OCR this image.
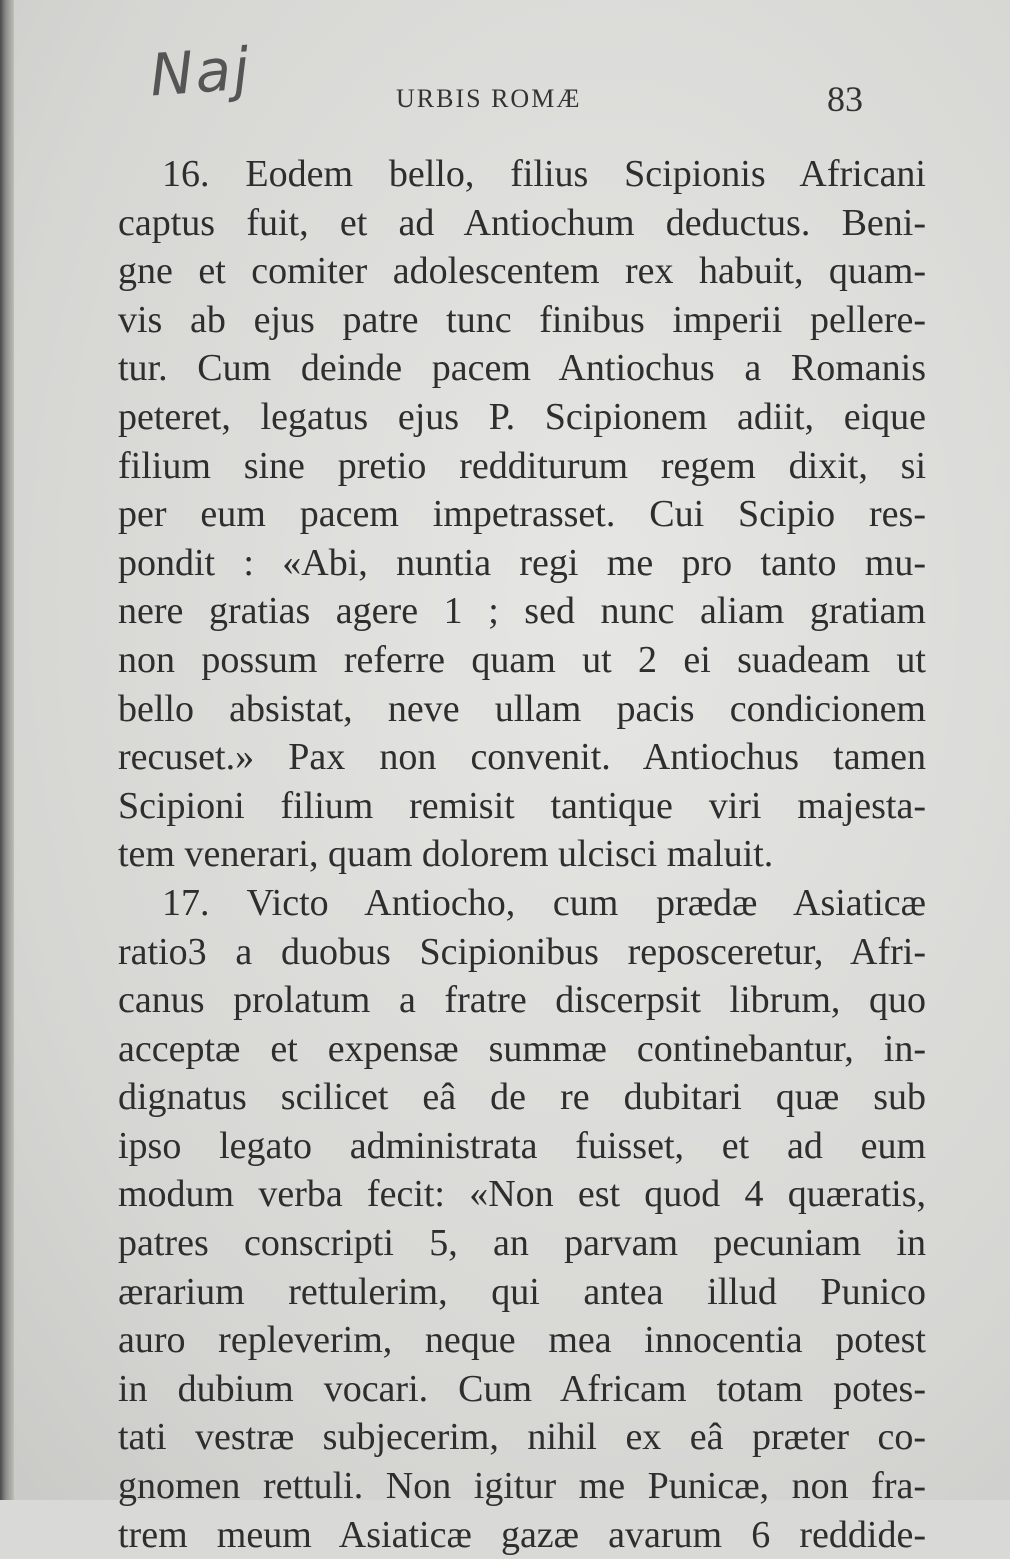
Naj	URBIS ROMÆ	83
16. Eodem bello, filius Scipionis Africani
captus fuit, et ad Antiochum deductus. Beni-
gne et comiter adolescentem rex habuit, quam-
vis ab ejus patre tunc finibus imperii pellere-
tur. Cum deinde pacem Antiochus a Romanis
peteret, legatus ejus P. Scipionem adiit, eique
filium sine pretio redditurum regem dixit, si
per eum pacem impetrasset. Cui Scipio res-
pondit : «Abi, nuntia regi me pro tanto mu-
nere gratias agere 1 ; sed nunc aliam gratiam
non possum referre quam ut 2 ei suadeam ut
bello absistat, neve ullam pacis condicionem
recuset.» Pax non convenit. Antiochus tamen
Scipioni filium remisit tantique viri majesta-
tem venerari, quam dolorem ulcisci maluit.
17. Victo Antiocho, cum prædæ Asiaticæ
ratio3 a duobus Scipionibus reposceretur, Afri-
canus prolatum a fratre discerpsit librum, quo
acceptæ et expensæ summæ continebantur, in-
dignatus scilicet eâ de re dubitari quæ sub
ipso legato administrata fuisset, et ad eum
modum verba fecit: «Non est quod 4 quæratis,
patres conscripti 5, an parvam pecuniam in
ærarium rettulerim, qui antea illud Punico
auro repleverim, neque mea innocentia potest
in dubium vocari. Cum Africam totam potes-
tati vestræ subjecerim, nihil ex eâ præter co-
gnomen rettuli. Non igitur me Punicæ, non fra-
trem meum Asiaticæ gazæ avarum 6 reddide-
